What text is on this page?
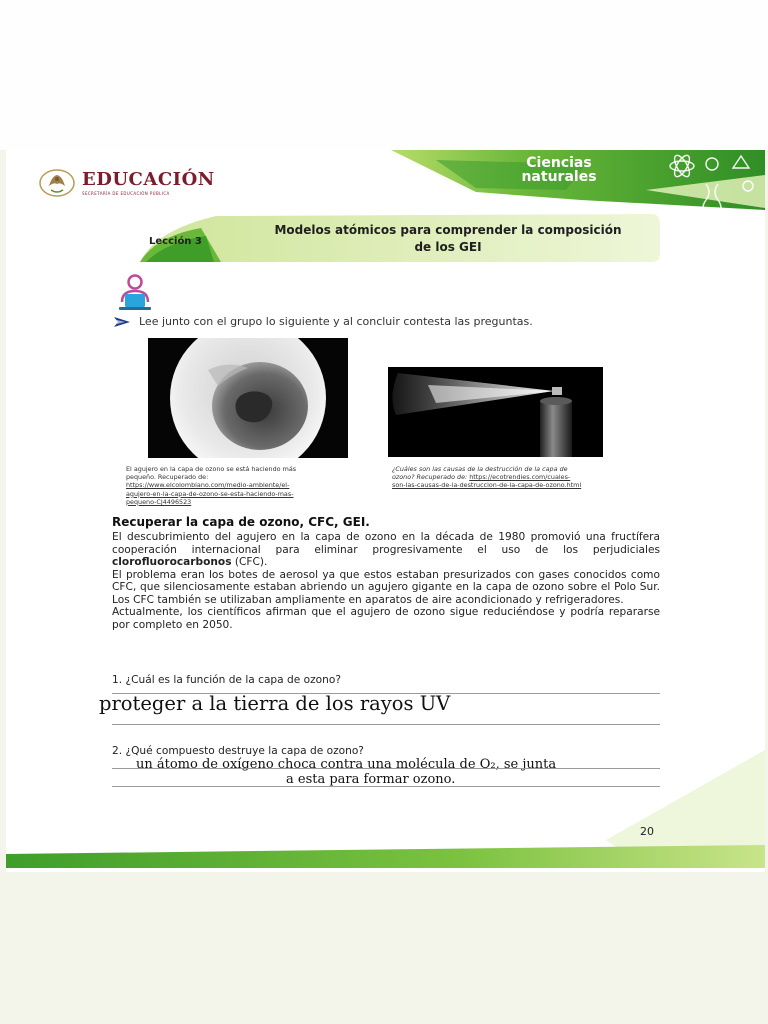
EDUCACIÓN
SECRETARÍA DE EDUCACIÓN PÚBLICA
Ciencias
naturales
Lección 3
Modelos atómicos para comprender la composición
de los GEI
Lee junto con el grupo lo siguiente y al concluir contesta las preguntas.
El agujero en la capa de ozono se está haciendo más
pequeño. Recuperado de:
https://www.elcolombiano.com/medio-ambiente/el-
agujero-en-la-capa-de-ozono-se-esta-haciendo-mas-
pequeno-CJ4496523
¿Cuáles son las causas de la destrucción de la capa de
ozono? Recuperado de: https://ecotrendies.com/cuales-
son-las-causas-de-la-destruccion-de-la-capa-de-ozono.html
Recuperar la capa de ozono, CFC, GEI.

El descubrimiento del agujero en la capa de ozono en la década de 1980 promovió una fructífera cooperación internacional para eliminar progresivamente el uso de los perjudiciales clorofluorocarbonos (CFC).

El problema eran los botes de aerosol ya que estos estaban presurizados con gases conocidos como CFC, que silenciosamente estaban abriendo un agujero gigante en la capa de ozono sobre el Polo Sur. Los CFC también se utilizaban ampliamente en aparatos de aire acondicionado y refrigeradores.

Actualmente, los científicos afirman que el agujero de ozono sigue reduciéndose y podría repararse por completo en 2050.

1. ¿Cuál es la función de la capa de ozono?
proteger a la tierra de los rayos UV
2. ¿Qué compuesto destruye la capa de ozono?
un átomo de oxígeno choca contra una molécula de O₂, se junta
a esta para formar ozono.
20
